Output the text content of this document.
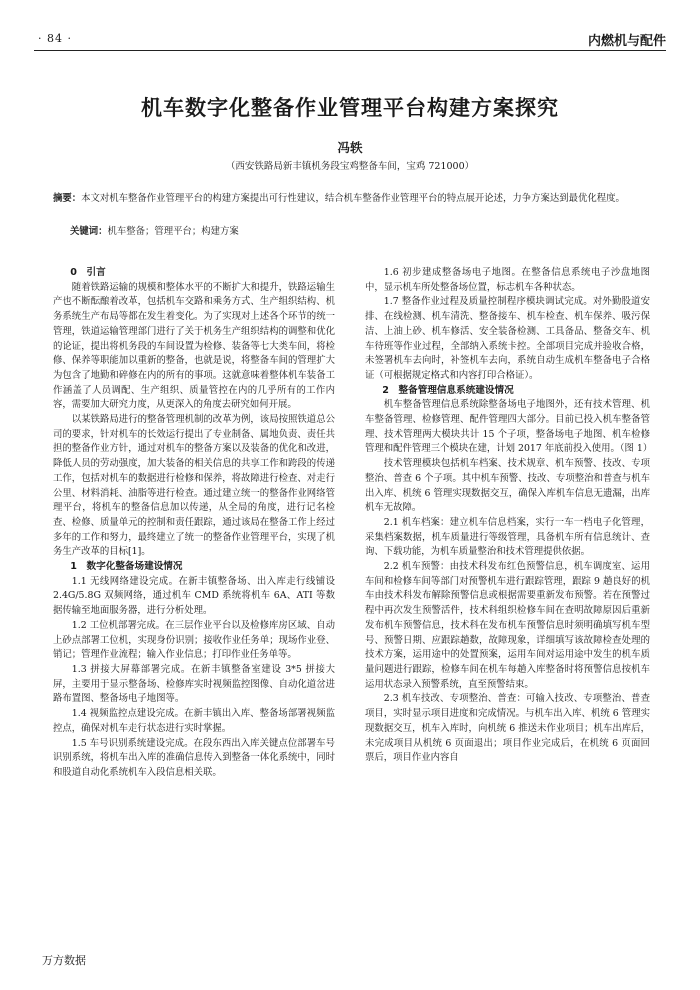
· 84 ·	内燃机与配件
机车数字化整备作业管理平台构建方案探究
冯轶
（西安铁路局新丰镇机务段宝鸡整备车间，宝鸡 721000）
摘要：本文对机车整备作业管理平台的构建方案提出可行性建议，结合机车整备作业管理平台的特点展开论述，力争方案达到最优化程度。
关键词：机车整备；管理平台；构建方案
0　引言

随着铁路运输的规模和整体水平的不断扩大和提升，铁路运输生产也不断酝酿着改革，包括机车交路和乘务方式、生产组织结构、机务系统生产布局等都在发生着变化。为了实现对上述各个环节的统一管理，铁道运输管理部门进行了关于机务生产组织结构的调整和优化的论证，提出将机务段的车间设置为检修、装备等七大类车间，将检修、保养等职能加以重新的整备，也就是说，将整备车间的管理扩大为包含了地勤和碎修在内的所有的事项。这就意味着整体机车装备工作涵盖了人员调配、生产组织、质量管控在内的几乎所有的工作内容，需要加大研究力度，从更深入的角度去研究如何开展。

以某铁路局进行的整备管理机制的改革为例，该局按照铁道总公司的要求，针对机车的长效运行提出了专业制备、属地负责、责任共担的整备作业方针，通过对机车的整备方案以及装备的优化和改进，降低人员的劳动强度，加大装备的相关信息的共享工作和跨段的传递工作，包括对机车的数据进行检修和保养，将故障进行检查、对走行公里、材料消耗、油脂等进行检查。通过建立统一的整备作业网络管理平台，将机车的整备信息加以传递，从全局的角度，进行记名检查、检修、质量单元的控制和责任跟踪，通过该局在整备工作上经过多年的工作和努力，最终建立了统一的整备作业管理平台，实现了机务生产改革的目标[1]。

1　数字化整备场建设情况

1.1 无线网络建设完成。在新丰镇整备场、出入库走行线铺设 2.4G/5.8G 双频网络，通过机车 CMD 系统将机车 6A、ATI 等数据传输至地面服务器，进行分析处理。

1.2 工位机部署完成。在三层作业平台以及检修库房区域、自动上砂点部署工位机，实现身份识别；接收作业任务单；现场作业登、销记；管理作业流程；输入作业信息；打印作业任务单等。

1.3 拼接大屏幕部署完成。在新丰镇整备室建设 3*5 拼接大屏，主要用于显示整备场、检修库实时视频监控图像、自动化道岔进路布置图、整备场电子地图等。

1.4 视频监控点建设完成。在新丰镇出入库、整备场部署视频监控点，确保对机车走行状态进行实时掌握。

1.5 车号识别系统建设完成。在段东西出入库关键点位部署车号识别系统，将机车出入库的准确信息传入到整备一体化系统中，同时和股道自动化系统机车入段信息相关联。

1.6 初步建成整备场电子地图。在整备信息系统电子沙盘地图中，显示机车所处整备场位置，标志机车各种状态。

1.7 整备作业过程及质量控制程序模块调试完成。对外勤股道安排、在线检测、机车清洗、整备接车、机车检查、机车保养、吸污保洁、上油上砂、机车修活、安全装备检测、工具备品、整备交车、机车待班等作业过程，全部纳入系统卡控。全部项目完成并验收合格，未签署机车去向时，补签机车去向，系统自动生成机车整备电子合格证（可根据规定格式和内容打印合格证）。

2　整备管理信息系统建设情况

机车整备管理信息系统除整备场电子地图外，还有技术管理、机车整备管理、检修管理、配件管理四大部分。目前已投入机车整备管理、技术管理两大模块共计 15 个子项，整备场电子地图、机车检修管理和配件管理三个模块在建，计划 2017 年底前投入使用。（图 1）

技术管理模块包括机车档案、技术规章、机车预警、技改、专项整治、普查 6 个子项。其中机车预警、技改、专项整治和普查与机车出入库、机统 6 管理实现数据交互，确保入库机车信息无遗漏，出库机车无故障。

2.1 机车档案：建立机车信息档案，实行一车一档电子化管理，采集档案数据，机车质量进行等级管理，具备机车所有信息统计、查询、下载功能，为机车质量整治和技术管理提供依据。

2.2 机车预警：由技术科发布红色预警信息，机车调度室、运用车间和检修车间等部门对预警机车进行跟踪管理，跟踪 9 趟良好的机车由技术科发布解除预警信息或根据需要重新发布预警。若在预警过程中再次发生预警活件，技术科组织检修车间在查明故障原因后重新发布机车预警信息，技术科在发布机车预警信息时须明确填写机车型号、预警日期、应跟踪趟数，故障现象，详细填写该故障检查处理的技术方案，运用途中的处置预案，运用车间对运用途中发生的机车质量问题进行跟踪，检修车间在机车每趟入库整备时将预警信息按机车运用状态录入预警系统，直至预警结束。

2.3 机车技改、专项整治、普查：可输入技改、专项整治、普查项目，实时显示项目进度和完成情况。与机车出入库、机统 6 管理实现数据交互，机车入库时，向机统 6 推送未作业项目；机车出库后，未完成项目从机统 6 页面退出；项目作业完成后，在机统 6 页面回票后，项目作业内容自

万方数据
